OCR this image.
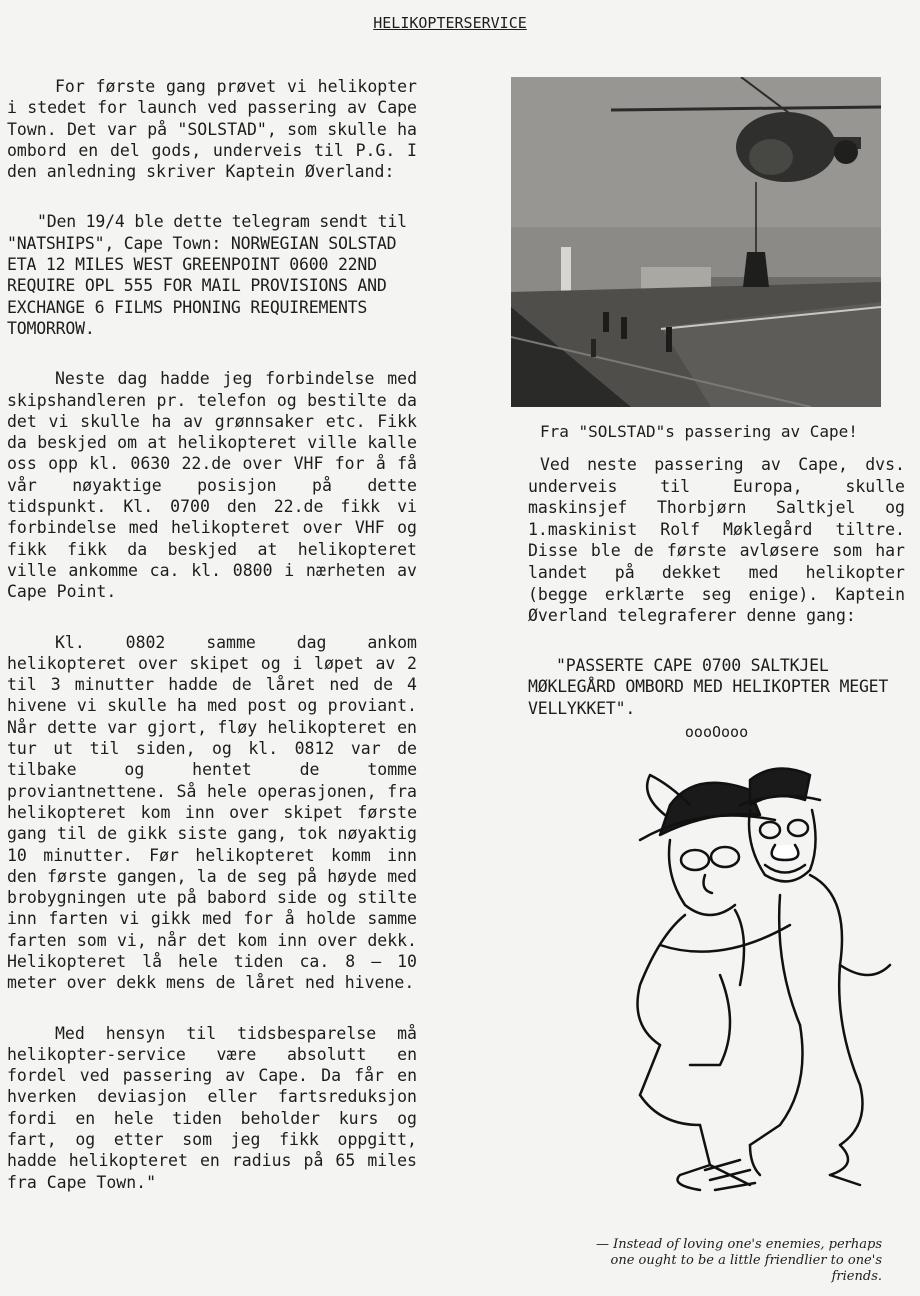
HELIKOPTERSERVICE

For første gang prøvet vi helikopter i stedet for launch ved passering av Cape Town. Det var på "SOLSTAD", som skulle ha ombord en del gods, underveis til P.G. I den anledning skriver Kaptein Øverland:

"Den 19/4 ble dette telegram sendt til "NATSHIPS", Cape Town: NORWEGIAN SOLSTAD ETA 12 MILES WEST GREENPOINT 0600 22ND REQUIRE OPL 555 FOR MAIL PROVISIONS AND EXCHANGE 6 FILMS PHONING REQUIREMENTS TOMORROW.

Neste dag hadde jeg forbindelse med skipshandleren pr. telefon og bestilte da det vi skulle ha av grønnsaker etc. Fikk da beskjed om at helikopteret ville kalle oss opp kl. 0630 22.de over VHF for å få vår nøyaktige posisjon på dette tidspunkt. Kl. 0700 den 22.de fikk vi forbindelse med helikopteret over VHF og fikk fikk da beskjed at helikopteret ville ankomme ca. kl. 0800 i nærheten av Cape Point.

Kl. 0802 samme dag ankom helikopteret over skipet og i løpet av 2 til 3 minutter hadde de låret ned de 4 hivene vi skulle ha med post og proviant. Når dette var gjort, fløy helikopteret en tur ut til siden, og kl. 0812 var de tilbake og hentet de tomme proviantnettene. Så hele operasjonen, fra helikopteret kom inn over skipet første gang til de gikk siste gang, tok nøyaktig 10 minutter. Før helikopteret komm inn den første gangen, la de seg på høyde med brobygningen ute på babord side og stilte inn farten vi gikk med for å holde samme farten som vi, når det kom inn over dekk. Helikopteret lå hele tiden ca. 8 – 10 meter over dekk mens de låret ned hivene.

Med hensyn til tidsbesparelse må helikopter-service være absolutt en fordel ved passering av Cape. Da får en hverken deviasjon eller fartsreduksjon fordi en hele tiden beholder kurs og fart, og etter som jeg fikk oppgitt, hadde helikopteret en radius på 65 miles fra Cape Town."

Fra "SOLSTAD"s passering av Cape!

Ved neste passering av Cape, dvs. underveis til Europa, skulle maskinsjef Thorbjørn Saltkjel og 1.maskinist Rolf Møklegård tiltre. Disse ble de første avløsere som har landet på dekket med helikopter (begge erklærte seg enige). Kaptein Øverland telegraferer denne gang:

"PASSERTE CAPE 0700 SALTKJEL MØKLEGÅRD OMBORD MED HELIKOPTER MEGET VELLYKKET".

oooOooo
— Instead of loving one's enemies, perhaps one ought to be a little friendlier to one's friends.
